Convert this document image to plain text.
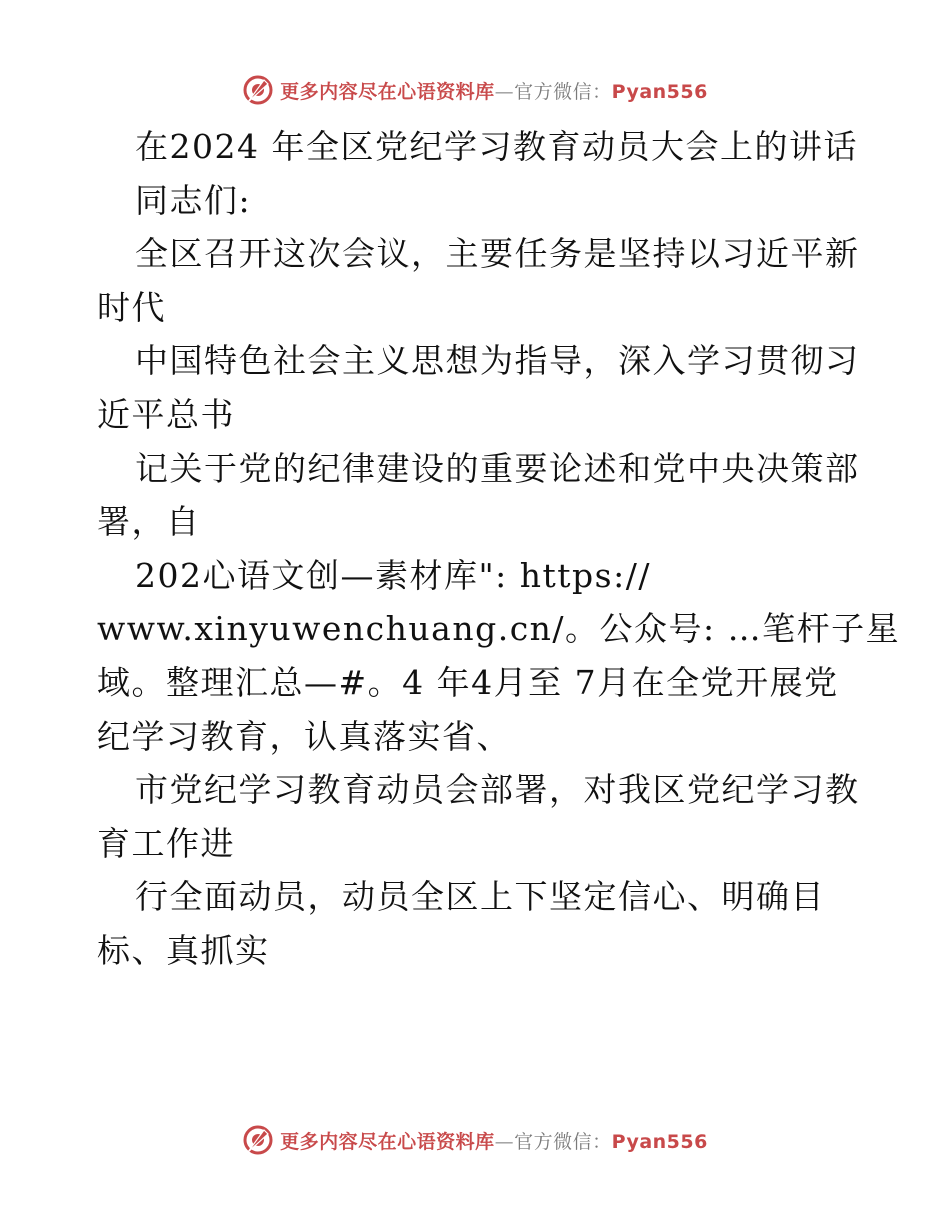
更多内容尽在心语资料库—官方微信：Pyan556
在2024 年全区党纪学习教育动员大会上的讲话
同志们:
全区召开这次会议，主要任务是坚持以习近平新
时代
中国特色社会主义思想为指导，深入学习贯彻习
近平总书
记关于党的纪律建设的重要论述和党中央决策部
署，自
202心语文创—素材库": https://
www.xinyuwenchuang.cn/。公众号: …笔杆子星
域。整理汇总—#。4 年4月至 7月在全党开展党
纪学习教育，认真落实省、
市党纪学习教育动员会部署，对我区党纪学习教
育工作进
行全面动员，动员全区上下坚定信心、明确目
标、真抓实
更多内容尽在心语资料库—官方微信：Pyan556
